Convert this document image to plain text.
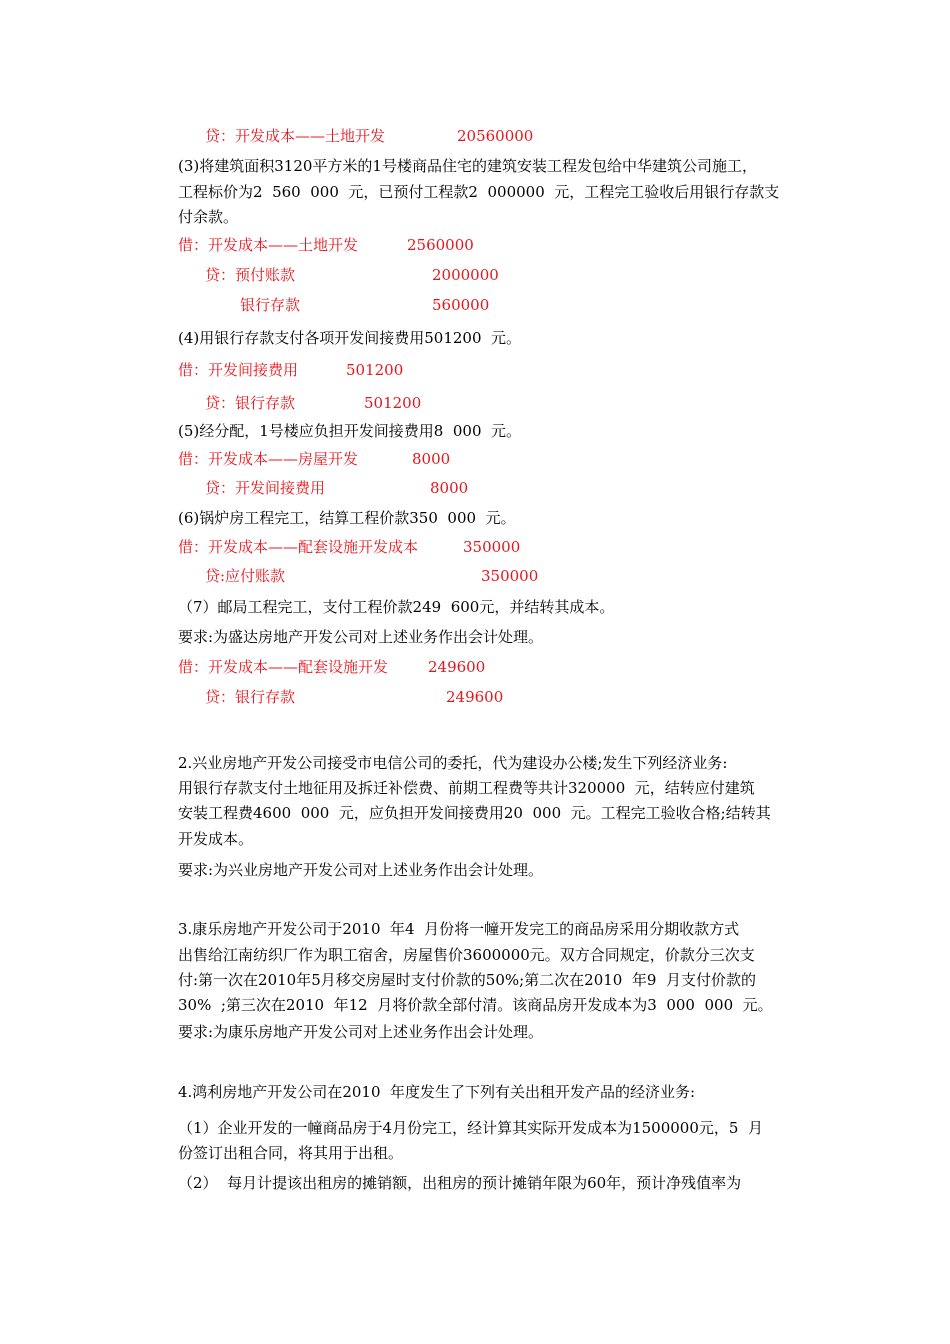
贷：开发成本——土地开发	20560000
(3)将建筑面积3120平方米的1号楼商品住宅的建筑安装工程发包给中华建筑公司施工，
工程标价为2  560  000  元，已预付工程款2  000000  元，工程完工验收后用银行存款支
付余款。
借：开发成本——土地开发	2560000
贷：预付账款	2000000
银行存款	560000
(4)用银行存款支付各项开发间接费用501200  元。
借：开发间接费用	501200
贷：银行存款	501200
(5)经分配，1号楼应负担开发间接费用8  000  元。
借：开发成本——房屋开发	8000
贷：开发间接费用	8000
(6)锅炉房工程完工，结算工程价款350  000  元。
借：开发成本——配套设施开发成本	350000
贷:应付账款	350000
（7）邮局工程完工，支付工程价款249  600元，并结转其成本。
要求:为盛达房地产开发公司对上述业务作出会计处理。
借：开发成本——配套设施开发	249600
贷：银行存款	249600
2.兴业房地产开发公司接受市电信公司的委托，代为建设办公楼;发生下列经济业务:
用银行存款支付土地征用及拆迁补偿费、前期工程费等共计320000  元，结转应付建筑
安装工程费4600  000  元，应负担开发间接费用20  000  元。工程完工验收合格;结转其
开发成本。
要求:为兴业房地产开发公司对上述业务作出会计处理。
3.康乐房地产开发公司于2010  年4  月份将一幢开发完工的商品房采用分期收款方式
出售给江南纺织厂作为职工宿舍，房屋售价3600000元。双方合同规定，价款分三次支
付:第一次在2010年5月移交房屋时支付价款的50%;第二次在2010  年9  月支付价款的
30%  ;第三次在2010  年12  月将价款全部付清。该商品房开发成本为3  000  000  元。
要求:为康乐房地产开发公司对上述业务作出会计处理。
4.鸿利房地产开发公司在2010  年度发生了下列有关出租开发产品的经济业务:
（1）企业开发的一幢商品房于4月份完工，经计算其实际开发成本为1500000元，5  月
份签订出租合同，将其用于出租。
（2）  每月计提该出租房的摊销额，出租房的预计摊销年限为60年，预计净残值率为
